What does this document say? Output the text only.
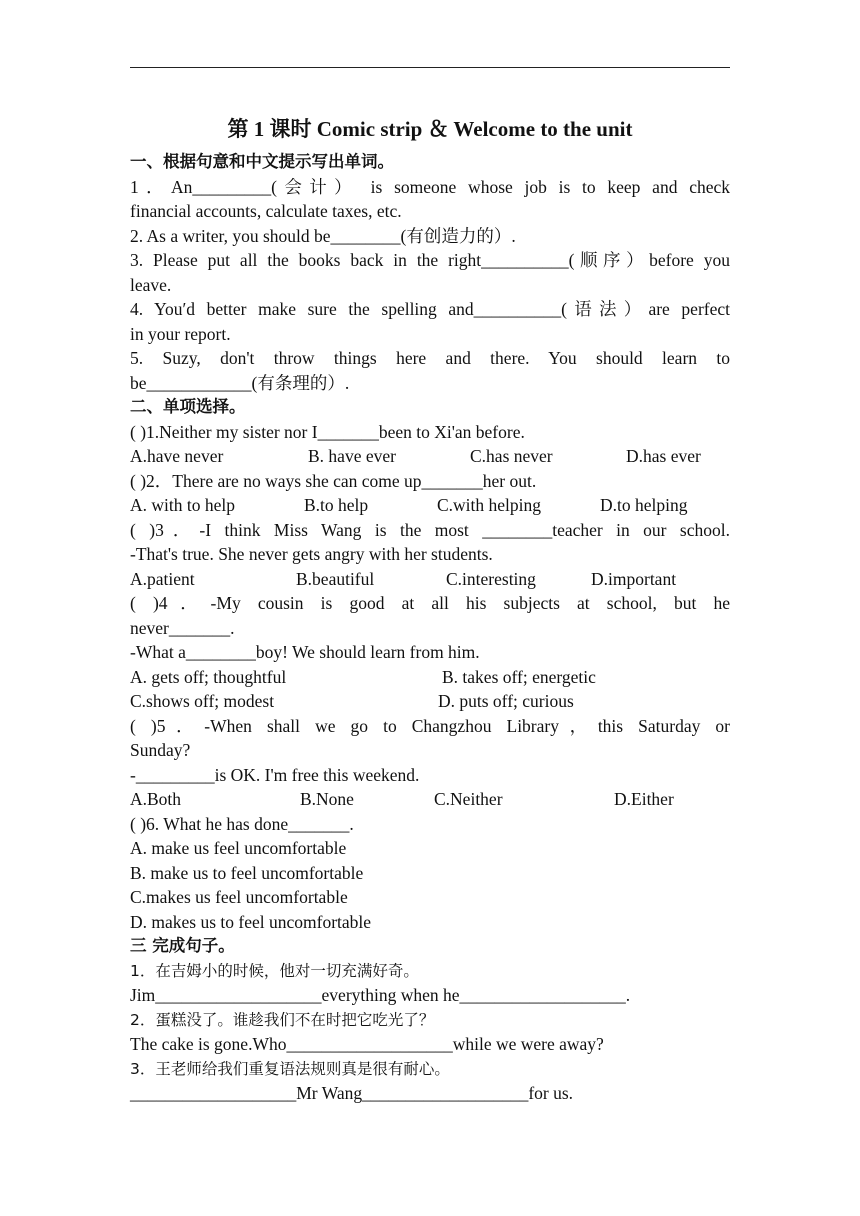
第 1 课时 Comic strip ＆ Welcome to the unit
一、根据句意和中文提示写出单词。
1．An_________(会计） is someone whose job is to keep and check
financial accounts, calculate taxes, etc.
2. As a writer, you should be________(有创造力的）.
3. Please put all the books back in the right__________(顺序）before you
leave.
4. You′d better make sure the spelling and__________(语法）are perfect
in your report.
5. Suzy, don't throw things here and there. You should learn to
be____________(有条理的）.
二、单项选择。
( )1.Neither my sister nor I_______been to Xi'an before.
A.have never	B. have ever	C.has never	D.has ever
( )2．There are no ways she can come up_______her out.
A. with to help	B.to help	C.with helping	D.to helping
( )3．-I think Miss Wang is the most ________teacher in our school.
-That's true. She never gets angry with her students.
A.patient	B.beautiful	C.interesting	D.important
( )4．-My cousin is good at all his subjects at school, but he
never_______.
-What a________boy! We should learn from him.
A. gets off; thoughtful	B. takes off; energetic
C.shows off; modest	D. puts off; curious
( )5．-When shall we go to Changzhou Library，this Saturday or
Sunday?
-_________is OK. I'm free this weekend.
A.Both	B.None	C.Neither	D.Either
( )6. What he has done_______.
A. make us feel uncomfortable
B. make us to feel uncomfortable
C.makes us feel uncomfortable
D. makes us to feel uncomfortable
三 完成句子。
1．在吉姆小的时候，他对一切充满好奇。
Jim___________________everything when he___________________.
2．蛋糕没了。谁趁我们不在时把它吃光了？
The cake is gone.Who___________________while we were away?
3．王老师给我们重复语法规则真是很有耐心。
___________________Mr Wang___________________for us.
